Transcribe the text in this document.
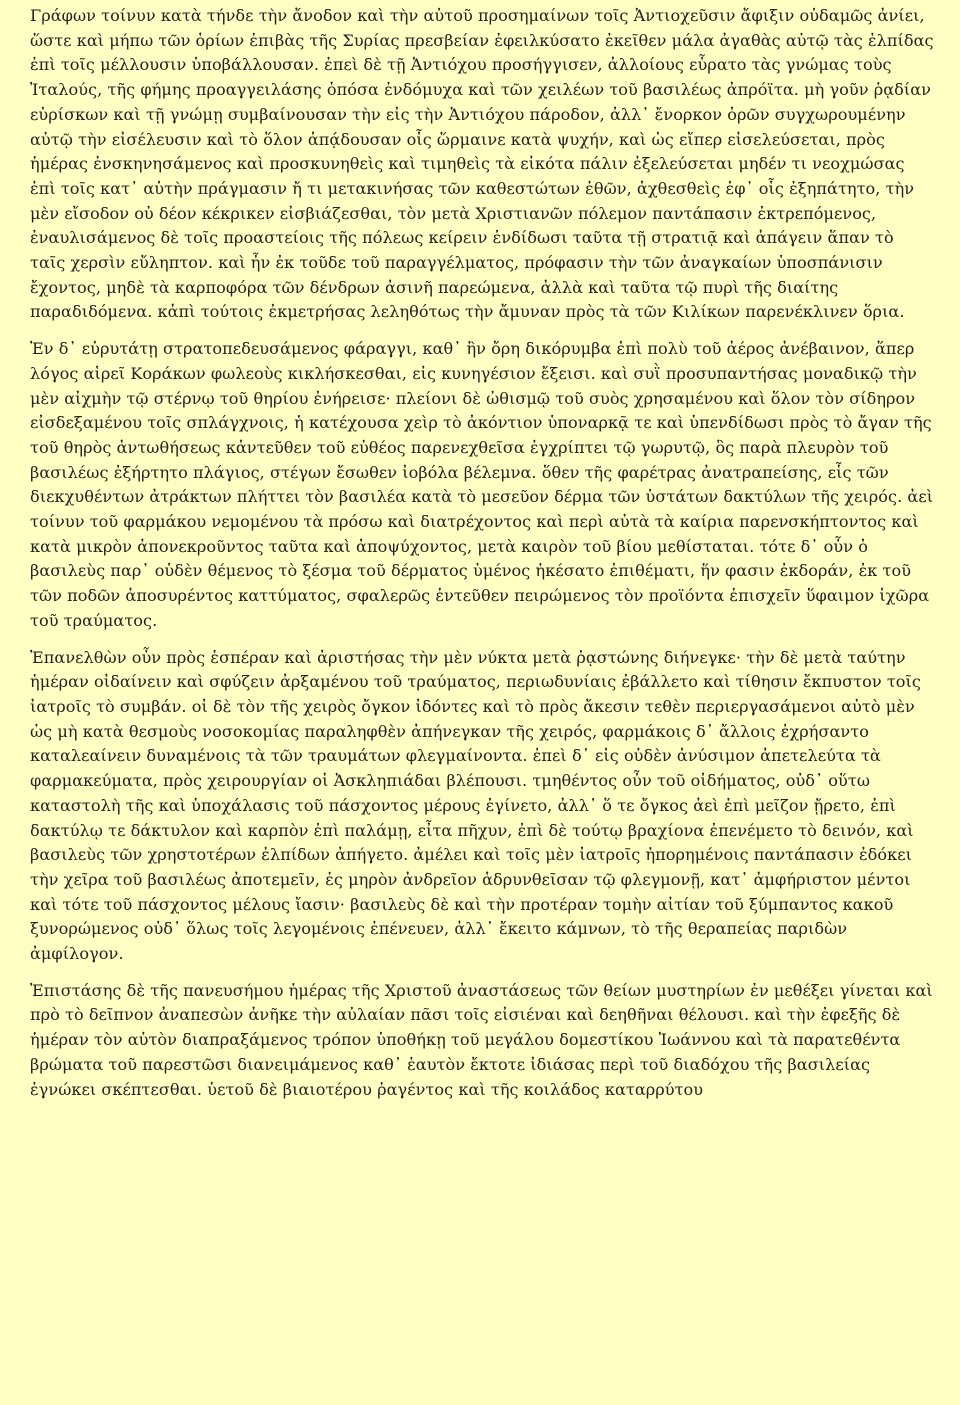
Γράφων τοίνυν κατὰ τήνδε τὴν ἄνοδον καὶ τὴν αὐτοῦ προσημαίνων τοῖς Ἀντιοχεῦσιν ἄφιξιν οὐδαμῶς ἀνίει, ὥστε καὶ μήπω τῶν ὁρίων ἐπιβὰς τῆς Συρίας πρεσβείαν ἐφειλκύσατο ἐκεῖθεν μάλα ἀγαθὰς αὐτῷ τὰς ἐλπίδας ἐπὶ τοῖς μέλλουσιν ὑποβάλλουσαν. ἐπεὶ δὲ τῇ Ἀντιόχου προσήγγισεν, ἀλλοίους εὗρατο τὰς γνώμας τοὺς Ἰταλούς, τῆς φήμης προαγγειλάσης ὁπόσα ἐνδόμυχα καὶ τῶν χειλέων τοῦ βασιλέως ἀπρόϊτα. μὴ γοῦν ῥᾳδίαν εὑρίσκων καὶ τῇ γνώμῃ συμβαίνουσαν τὴν εἰς τὴν Ἀντιόχου πάροδον, ἀλλ᾽ ἔνορκον ὁρῶν συγχωρουμένην αὐτῷ τὴν εἰσέλευσιν καὶ τὸ ὅλον ἀπᾴδουσαν οἷς ὥρμαινε κατὰ ψυχήν, καὶ ὡς εἴπερ εἰσελεύσεται, πρὸς ἡμέρας ἐνσκηνησάμενος καὶ προσκυνηθεὶς καὶ τιμηθεὶς τὰ εἰκότα πάλιν ἐξελεύσεται μηδέν τι νεοχμώσας ἐπὶ τοῖς κατ᾽ αὐτὴν πράγμασιν ἤ τι μετακινήσας τῶν καθεστώτων ἐθῶν, ἀχθεσθεὶς ἐφ᾽ οἷς ἐξηπάτητο, τὴν μὲν εἴσοδον οὐ δέον κέκρικεν εἰσβιάζεσθαι, τὸν μετὰ Χριστιανῶν πόλεμον παντάπασιν ἐκτρεπόμενος, ἐναυλισάμενος δὲ τοῖς προαστείοις τῆς πόλεως κείρειν ἐνδίδωσι ταῦτα τῇ στρατιᾷ καὶ ἀπάγειν ἅπαν τὸ ταῖς χερσὶν εὔληπτον. καὶ ἦν ἐκ τοῦδε τοῦ παραγγέλματος, πρόφασιν τὴν τῶν ἀναγκαίων ὑποσπάνισιν ἔχοντος, μηδὲ τὰ καρποφόρα τῶν δένδρων ἀσινῆ παρεώμενα, ἀλλὰ καὶ ταῦτα τῷ πυρὶ τῆς διαίτης παραδιδόμενα. κἀπὶ τούτοις ἐκμετρήσας λεληθότως τὴν ἄμυναν πρὸς τὰ τῶν Κιλίκων παρενέκλινεν ὅρια.

Ἐν δ᾽ εὐρυτάτῃ στρατοπεδευσάμενος φάραγγι, καθ᾽ ἣν ὄρη δικόρυμβα ἐπὶ πολὺ τοῦ ἀέρος ἀνέβαινον, ἅπερ λόγος αἱρεῖ Κοράκων φωλεοὺς κικλήσκεσθαι, εἰς κυνηγέσιον ἔξεισι. καὶ συῒ προσυπαντήσας μοναδικῷ τὴν μὲν αἰχμὴν τῷ στέρνῳ τοῦ θηρίου ἐνήρεισε· πλείονι δὲ ὠθισμῷ τοῦ συὸς χρησαμένου καὶ ὅλον τὸν σίδηρον εἰσδεξαμένου τοῖς σπλάγχνοις, ἡ κατέχουσα χεὶρ τὸ ἀκόντιον ὑποναρκᾷ τε καὶ ὑπενδίδωσι πρὸς τὸ ἄγαν τῆς τοῦ θηρὸς ἀντωθήσεως κἀντεῦθεν τοῦ εὐθέος παρενεχθεῖσα ἐγχρίπτει τῷ γωρυτῷ, ὃς παρὰ πλευρὸν τοῦ βασιλέως ἐξήρτητο πλάγιος, στέγων ἔσωθεν ἰοβόλα βέλεμνα. ὅθεν τῆς φαρέτρας ἀνατραπείσης, εἷς τῶν διεκχυθέντων ἀτράκτων πλήττει τὸν βασιλέα κατὰ τὸ μεσεῦον δέρμα τῶν ὑστάτων δακτύλων τῆς χειρός. ἀεὶ τοίνυν τοῦ φαρμάκου νεμομένου τὰ πρόσω καὶ διατρέχοντος καὶ περὶ αὐτὰ τὰ καίρια παρενσκήπτοντος καὶ κατὰ μικρὸν ἀπονεκροῦντος ταῦτα καὶ ἀποψύχοντος, μετὰ καιρὸν τοῦ βίου μεθίσταται. τότε δ᾽ οὖν ὁ βασιλεὺς παρ᾽ οὐδὲν θέμενος τὸ ξέσμα τοῦ δέρματος ὑμένος ἠκέσατο ἐπιθέματι, ἥν φασιν ἐκδοράν, ἐκ τοῦ τῶν ποδῶν ἀποσυρέντος καττύματος, σφαλερῶς ἐντεῦθεν πειρώμενος τὸν προϊόντα ἐπισχεῖν ὕφαιμον ἰχῶρα τοῦ τραύματος.

Ἐπανελθὼν οὖν πρὸς ἑσπέραν καὶ ἀριστήσας τὴν μὲν νύκτα μετὰ ῥᾳστώνης διήνεγκε· τὴν δὲ μετὰ ταύτην ἡμέραν οἰδαίνειν καὶ σφύζειν ἀρξαμένου τοῦ τραύματος, περιωδυνίαις ἐβάλλετο καὶ τίθησιν ἔκπυστον τοῖς ἰατροῖς τὸ συμβάν. οἱ δὲ τὸν τῆς χειρὸς ὄγκον ἰδόντες καὶ τὸ πρὸς ἄκεσιν τεθὲν περιεργασάμενοι αὐτὸ μὲν ὡς μὴ κατὰ θεσμοὺς νοσοκομίας παραληφθὲν ἀπήνεγκαν τῆς χειρός, φαρμάκοις δ᾽ ἄλλοις ἐχρήσαντο καταλεαίνειν δυναμένοις τὰ τῶν τραυμάτων φλεγμαίνοντα. ἐπεὶ δ᾽ εἰς οὐδὲν ἀνύσιμον ἀπετελεύτα τὰ φαρμακεύματα, πρὸς χειρουργίαν οἱ Ἀσκληπιάδαι βλέπουσι. τμηθέντος οὖν τοῦ οἰδήματος, οὐδ᾽ οὕτω καταστολὴ τῆς καὶ ὑποχάλασις τοῦ πάσχοντος μέρους ἐγίνετο, ἀλλ᾽ ὅ τε ὄγκος ἀεὶ ἐπὶ μεῖζον ᾔρετο, ἐπὶ δακτύλῳ τε δάκτυλον καὶ καρπὸν ἐπὶ παλάμῃ, εἶτα πῆχυν, ἐπὶ δὲ τούτῳ βραχίονα ἐπενέμετο τὸ δεινόν, καὶ βασιλεὺς τῶν χρηστοτέρων ἐλπίδων ἀπήγετο. ἀμέλει καὶ τοῖς μὲν ἰατροῖς ἠπορημένοις παντάπασιν ἐδόκει τὴν χεῖρα τοῦ βασιλέως ἀποτεμεῖν, ἐς μηρὸν ἀνδρεῖον ἁδρυνθεῖσαν τῷ φλεγμονῇ, κατ᾽ ἀμφήριστον μέντοι καὶ τότε τοῦ πάσχοντος μέλους ἴασιν· βασιλεὺς δὲ καὶ τὴν προτέραν τομὴν αἰτίαν τοῦ ξύμπαντος κακοῦ ξυνορώμενος οὐδ᾽ ὅλως τοῖς λεγομένοις ἐπένευεν, ἀλλ᾽ ἔκειτο κάμνων, τὸ τῆς θεραπείας παριδὼν ἀμφίλογον.

Ἐπιστάσης δὲ τῆς πανευσήμου ἡμέρας τῆς Χριστοῦ ἀναστάσεως τῶν θείων μυστηρίων ἐν μεθέξει γίνεται καὶ πρὸ τὸ δεῖπνον ἀναπεσὼν ἀνῆκε τὴν αὐλαίαν πᾶσι τοῖς εἰσιέναι καὶ δεηθῆναι θέλουσι. καὶ τὴν ἐφεξῆς δὲ ἡμέραν τὸν αὐτὸν διαπραξάμενος τρόπον ὑποθήκῃ τοῦ μεγάλου δομεστίκου Ἰωάννου καὶ τὰ παρατεθέντα βρώματα τοῦ παρεστῶσι διανειμάμενος καθ᾽ ἑαυτὸν ἔκτοτε ἰδιάσας περὶ τοῦ διαδόχου τῆς βασιλείας ἐγνώκει σκέπτεσθαι. ὑετοῦ δὲ βιαιοτέρου ῥαγέντος καὶ τῆς κοιλάδος καταρρύτου
